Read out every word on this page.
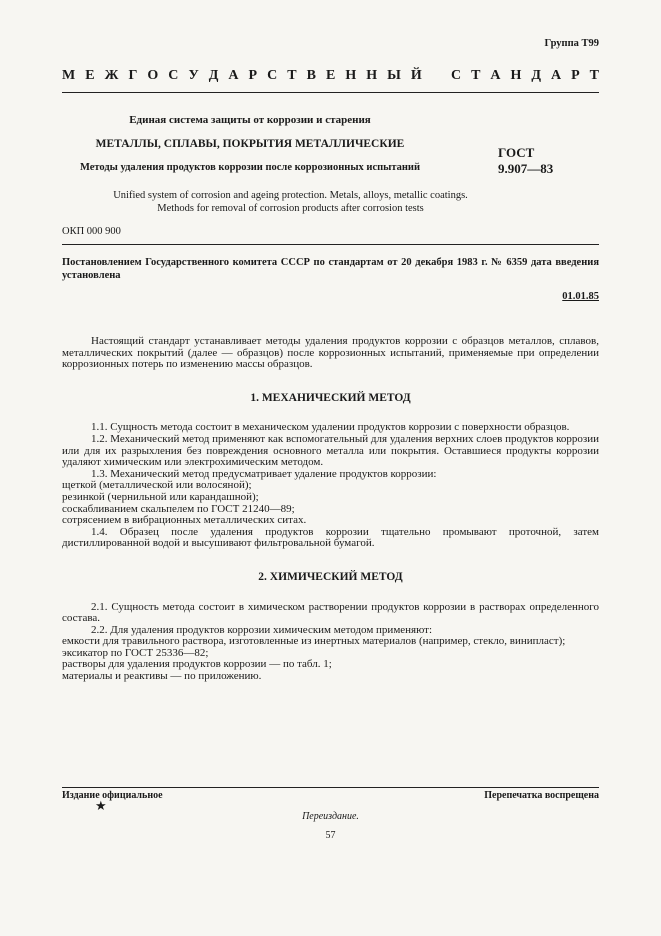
Группа Т99
М Е Ж Г О С У Д А Р С Т В Е Н Н Ы Й С Т А Н Д А Р Т
Единая система защиты от коррозии и старения
МЕТАЛЛЫ, СПЛАВЫ, ПОКРЫТИЯ МЕТАЛЛИЧЕСКИЕ
Методы удаления продуктов коррозии после коррозионных испытаний
ГОСТ
9.907—83
Unified system of corrosion and ageing protection. Metals, alloys, metallic coatings.
Methods for removal of corrosion products after corrosion tests
ОКП 000 900
Постановлением Государственного комитета СССР по стандартам от 20 декабря 1983 г. № 6359 дата введения установлена
01.01.85

Настоящий стандарт устанавливает методы удаления продуктов коррозии с образцов металлов, сплавов, металлических покрытий (далее — образцов) после коррозионных испытаний, применяемые при определении коррозионных потерь по изменению массы образцов.

1. МЕХАНИЧЕСКИЙ МЕТОД

1.1. Сущность метода состоит в механическом удалении продуктов коррозии с поверхности образцов.

1.2. Механический метод применяют как вспомогательный для удаления верхних слоев продуктов коррозии или для их разрыхления без повреждения основного металла или покрытия. Оставшиеся продукты коррозии удаляют химическим или электрохимическим методом.

1.3. Механический метод предусматривает удаление продуктов коррозии:

щеткой (металлической или волосяной);

резинкой (чернильной или карандашной);

соскабливанием скальпелем по ГОСТ 21240—89;

сотрясением в вибрационных металлических ситах.

1.4. Образец после удаления продуктов коррозии тщательно промывают проточной, затем дистиллированной водой и высушивают фильтровальной бумагой.

2. ХИМИЧЕСКИЙ МЕТОД

2.1. Сущность метода состоит в химическом растворении продуктов коррозии в растворах определенного состава.

2.2. Для удаления продуктов коррозии химическим методом применяют:

емкости для травильного раствора, изготовленные из инертных материалов (например, стекло, винипласт);

эксикатор по ГОСТ 25336—82;

растворы для удаления продуктов коррозии — по табл. 1;

материалы и реактивы — по приложению.

Издание официальное
★
Перепечатка воспрещена
Переиздание.
57
